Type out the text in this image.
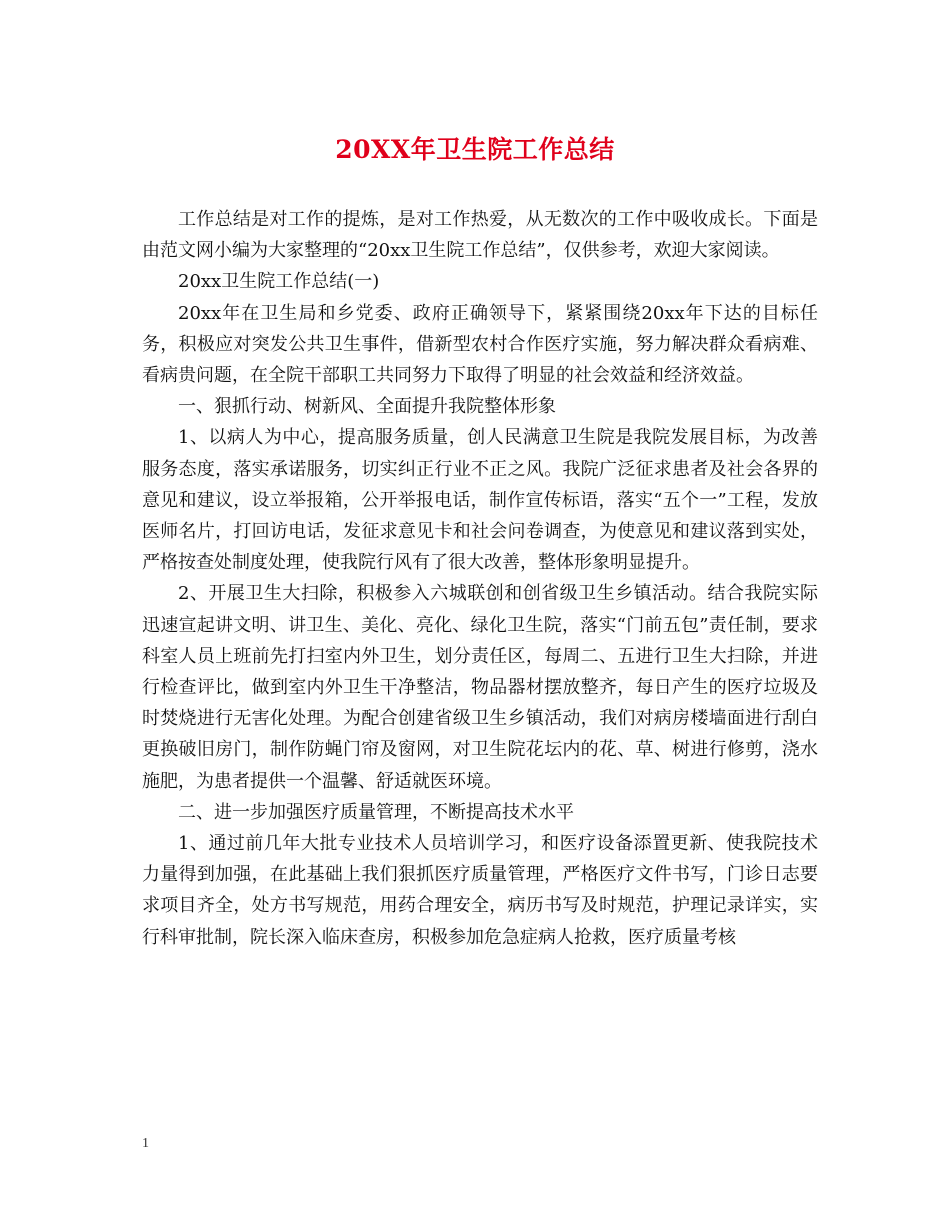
20XX年卫生院工作总结

工作总结是对工作的提炼，是对工作热爱，从无数次的工作中吸收成长。下面是由范文网小编为大家整理的“20xx卫生院工作总结”，仅供参考，欢迎大家阅读。

20xx卫生院工作总结(一)

20xx年在卫生局和乡党委、政府正确领导下，紧紧围绕20xx年下达的目标任务，积极应对突发公共卫生事件，借新型农村合作医疗实施，努力解决群众看病难、看病贵问题，在全院干部职工共同努力下取得了明显的社会效益和经济效益。

一、狠抓行动、树新风、全面提升我院整体形象

1、以病人为中心，提高服务质量，创人民满意卫生院是我院发展目标，为改善服务态度，落实承诺服务，切实纠正行业不正之风。我院广泛征求患者及社会各界的意见和建议，设立举报箱，公开举报电话，制作宣传标语，落实“五个一”工程，发放医师名片，打回访电话，发征求意见卡和社会问卷调查，为使意见和建议落到实处，严格按查处制度处理，使我院行风有了很大改善，整体形象明显提升。

2、开展卫生大扫除，积极参入六城联创和创省级卫生乡镇活动。结合我院实际迅速宣起讲文明、讲卫生、美化、亮化、绿化卫生院，落实“门前五包”责任制，要求科室人员上班前先打扫室内外卫生，划分责任区，每周二、五进行卫生大扫除，并进行检查评比，做到室内外卫生干净整洁，物品器材摆放整齐，每日产生的医疗垃圾及时焚烧进行无害化处理。为配合创建省级卫生乡镇活动，我们对病房楼墙面进行刮白更换破旧房门，制作防蝇门帘及窗网，对卫生院花坛内的花、草、树进行修剪，浇水施肥，为患者提供一个温馨、舒适就医环境。

二、进一步加强医疗质量管理，不断提高技术水平

1、通过前几年大批专业技术人员培训学习，和医疗设备添置更新、使我院技术力量得到加强，在此基础上我们狠抓医疗质量管理，严格医疗文件书写，门诊日志要求项目齐全，处方书写规范，用药合理安全，病历书写及时规范，护理记录详实，实行科审批制，院长深入临床查房，积极参加危急症病人抢救，医疗质量考核

1
